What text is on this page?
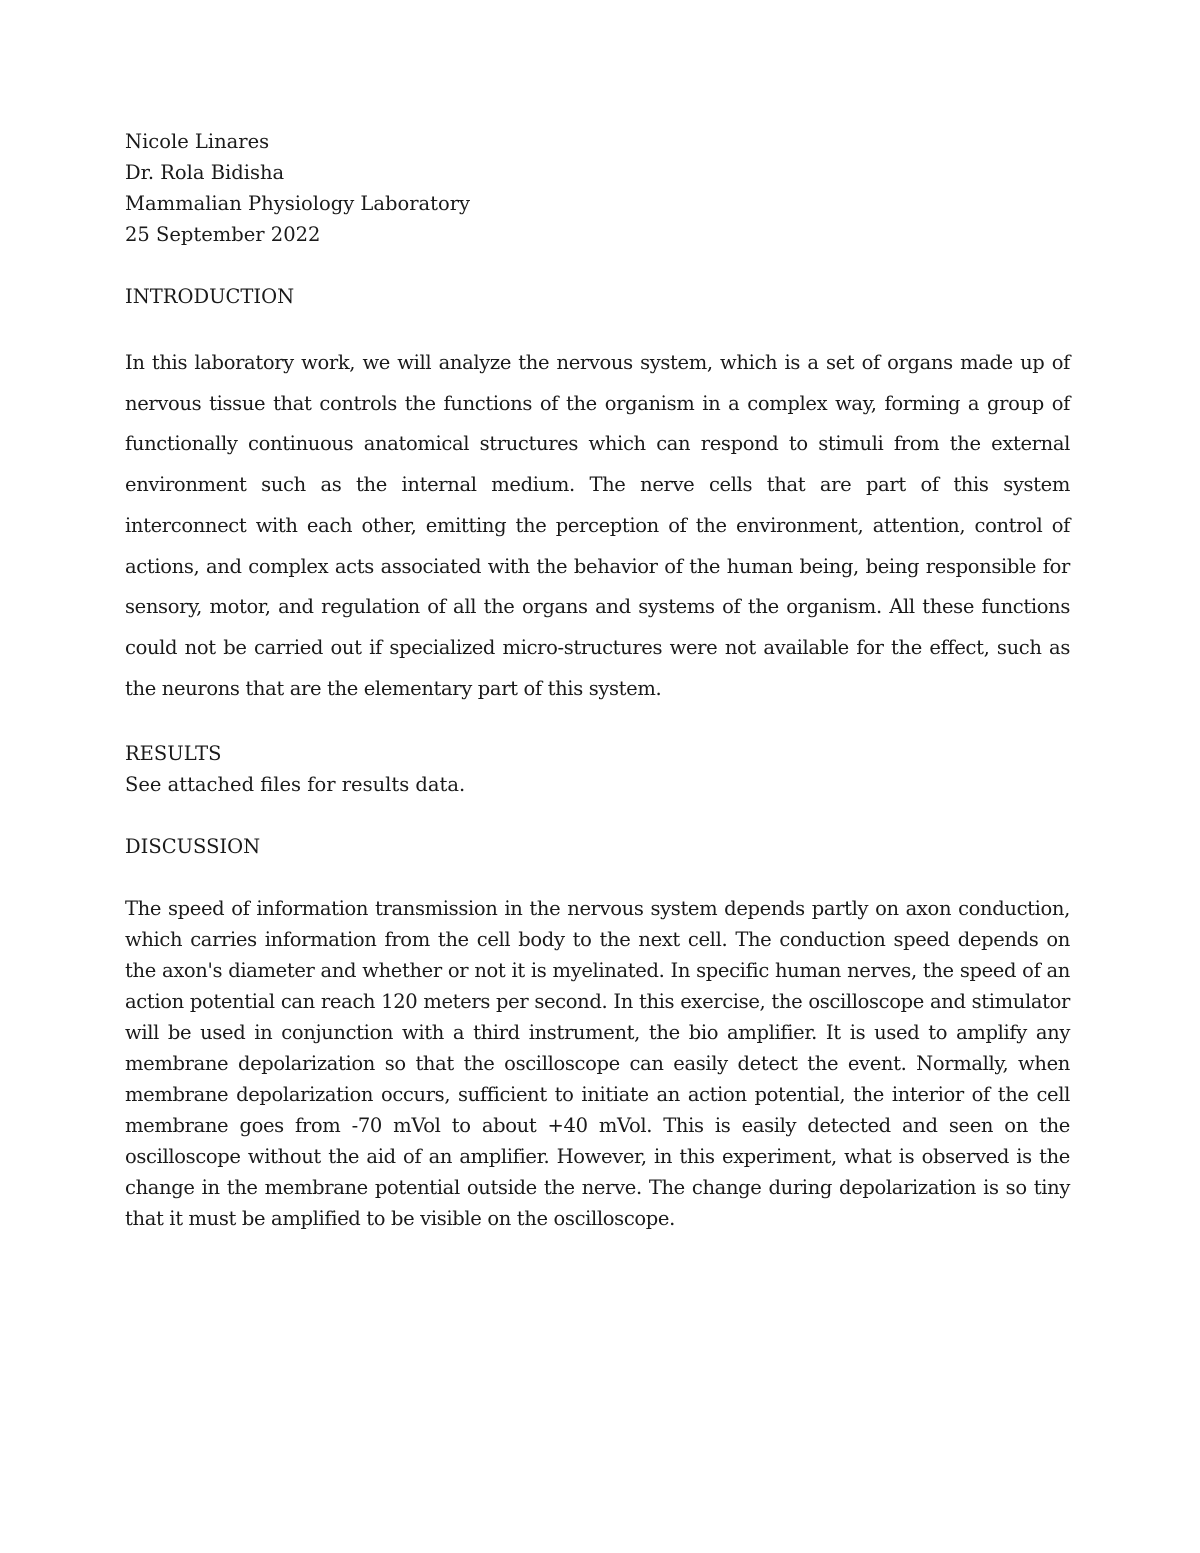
Nicole Linares
Dr. Rola Bidisha
Mammalian Physiology Laboratory
25 September 2022
INTRODUCTION

In this laboratory work, we will analyze the nervous system, which is a set of organs made up of nervous tissue that controls the functions of the organism in a complex way, forming a group of functionally continuous anatomical structures which can respond to stimuli from the external environment such as the internal medium. The nerve cells that are part of this system interconnect with each other, emitting the perception of the environment, attention, control of actions, and complex acts associated with the behavior of the human being, being responsible for sensory, motor, and regulation of all the organs and systems of the organism. All these functions could not be carried out if specialized micro-structures were not available for the effect, such as the neurons that are the elementary part of this system.

RESULTS
See attached files for results data.
DISCUSSION

The speed of information transmission in the nervous system depends partly on axon conduction, which carries information from the cell body to the next cell. The conduction speed depends on the axon's diameter and whether or not it is myelinated. In specific human nerves, the speed of an action potential can reach 120 meters per second. In this exercise, the oscilloscope and stimulator will be used in conjunction with a third instrument, the bio amplifier. It is used to amplify any membrane depolarization so that the oscilloscope can easily detect the event. Normally, when membrane depolarization occurs, sufficient to initiate an action potential, the interior of the cell membrane goes from -70 mVol to about +40 mVol. This is easily detected and seen on the oscilloscope without the aid of an amplifier. However, in this experiment, what is observed is the change in the membrane potential outside the nerve. The change during depolarization is so tiny that it must be amplified to be visible on the oscilloscope.
